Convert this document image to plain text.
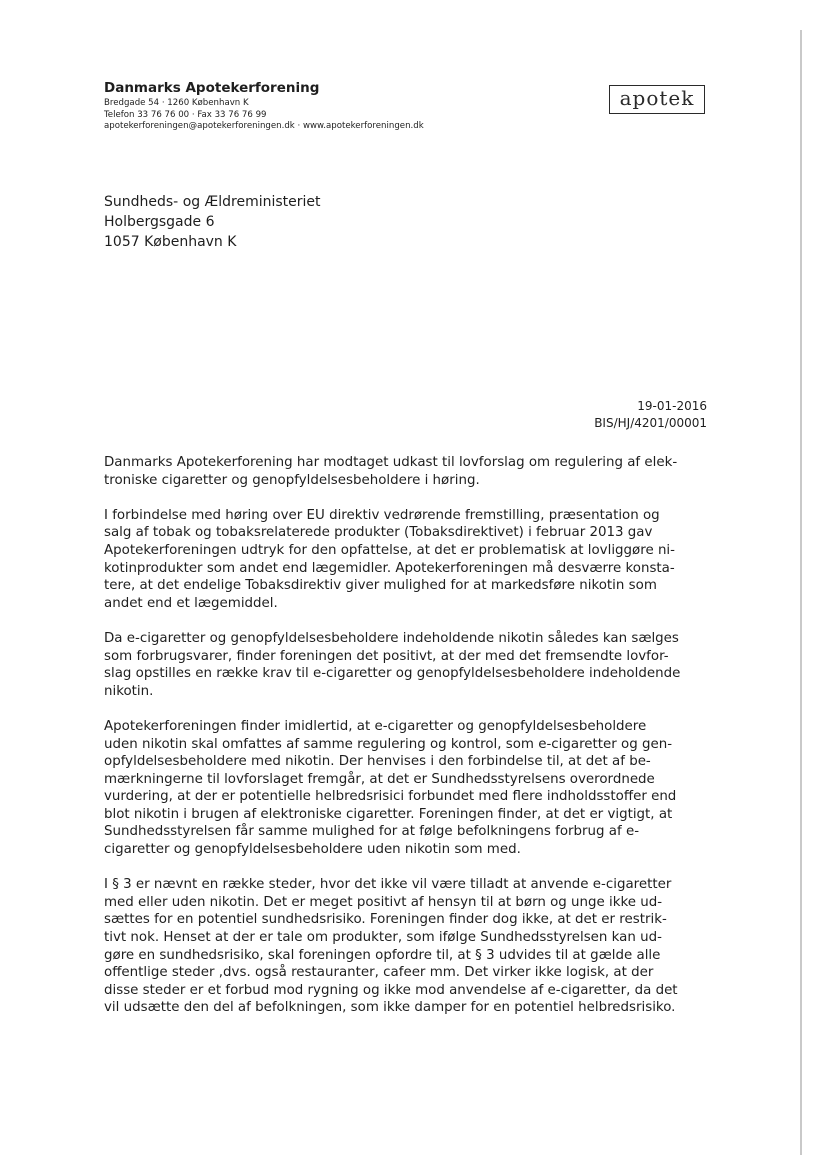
Danmarks Apotekerforening
Bredgade 54 · 1260 København K
Telefon 33 76 76 00 · Fax 33 76 76 99
apotekerforeningen@apotekerforeningen.dk · www.apotekerforeningen.dk
apotek
Sundheds- og Ældreministeriet
Holbergsgade 6
1057 København K
19-01-2016
BIS/HJ/4201/00001
Danmarks Apotekerforening har modtaget udkast til lovforslag om regulering af elek-
troniske cigaretter og genopfyldelsesbeholdere i høring.
I forbindelse med høring over EU direktiv vedrørende fremstilling, præsentation og
salg af tobak og tobaksrelaterede produkter (Tobaksdirektivet) i februar 2013 gav
Apotekerforeningen udtryk for den opfattelse, at det er problematisk at lovliggøre ni-
kotinprodukter som andet end lægemidler. Apotekerforeningen må desværre konsta-
tere, at det endelige Tobaksdirektiv giver mulighed for at markedsføre nikotin som
andet end et lægemiddel.
Da e-cigaretter og genopfyldelsesbeholdere indeholdende nikotin således kan sælges
som forbrugsvarer, finder foreningen det positivt, at der med det fremsendte lovfor-
slag opstilles en række krav til e-cigaretter og genopfyldelsesbeholdere indeholdende
nikotin.
Apotekerforeningen finder imidlertid, at e-cigaretter og genopfyldelsesbeholdere
uden nikotin skal omfattes af samme regulering og kontrol, som e-cigaretter og gen-
opfyldelsesbeholdere med nikotin. Der henvises i den forbindelse til, at det af be-
mærkningerne til lovforslaget fremgår, at det er Sundhedsstyrelsens overordnede
vurdering, at der er potentielle helbredsrisici forbundet med flere indholdsstoffer end
blot nikotin i brugen af elektroniske cigaretter. Foreningen finder, at det er vigtigt, at
Sundhedsstyrelsen får samme mulighed for at følge befolkningens forbrug af e-
cigaretter og genopfyldelsesbeholdere uden nikotin som med.
I § 3 er nævnt en række steder, hvor det ikke vil være tilladt at anvende e-cigaretter
med eller uden nikotin. Det er meget positivt af hensyn til at børn og unge ikke ud-
sættes for en potentiel sundhedsrisiko. Foreningen finder dog ikke, at det er restrik-
tivt nok. Henset at der er tale om produkter, som ifølge Sundhedsstyrelsen kan ud-
gøre en sundhedsrisiko, skal foreningen opfordre til, at § 3 udvides til at gælde alle
offentlige steder ,dvs. også restauranter, cafeer mm. Det virker ikke logisk, at der
disse steder er et forbud mod rygning og ikke mod anvendelse af e-cigaretter, da det
vil udsætte den del af befolkningen, som ikke damper for en potentiel helbredsrisiko.
